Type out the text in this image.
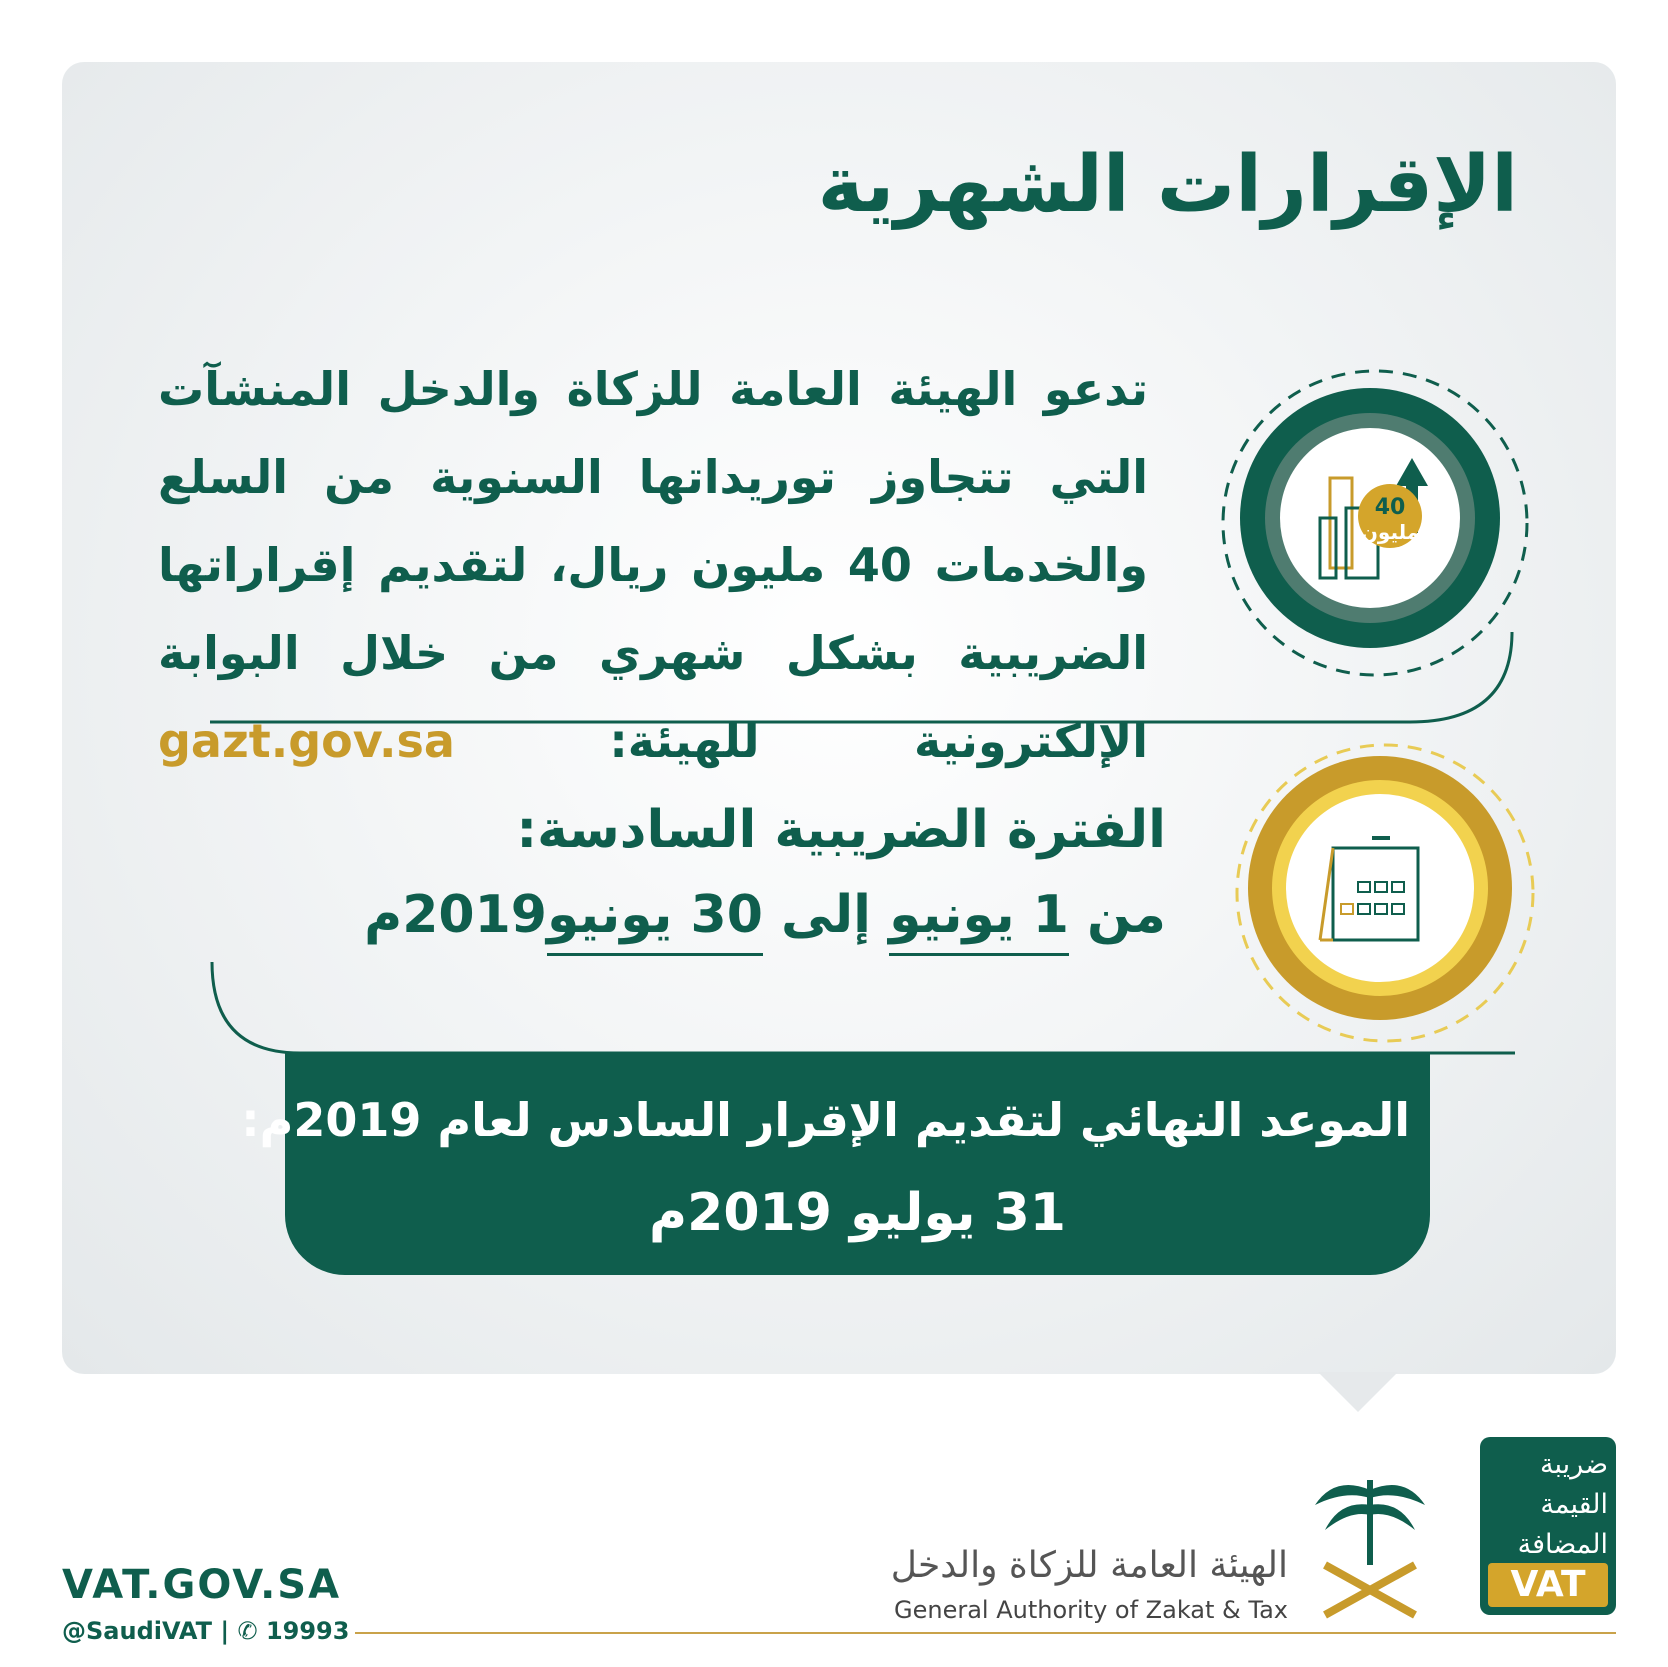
40
مليون
الإقرارات الشهرية
تدعو الهيئة العامة للزكاة والدخل المنشآت التي تتجاوز توريداتها السنوية من السلع والخدمات 40 مليون ريال، لتقديم إقراراتها الضريبية بشكل شهري من خلال البوابة الإلكترونية للهيئة: gazt.gov.sa
الفترة الضريبية السادسة:
من 1 يونيو إلى 30 يونيو2019م
الموعد النهائي لتقديم الإقرار السادس لعام 2019م:
31 يوليو 2019م
VAT.GOV.SA
@SaudiVAT | ✆ 19993
الهيئة العامة للزكاة والدخل
General Authority of Zakat & Tax
ضريبة
القيمة
المضافة
VAT
